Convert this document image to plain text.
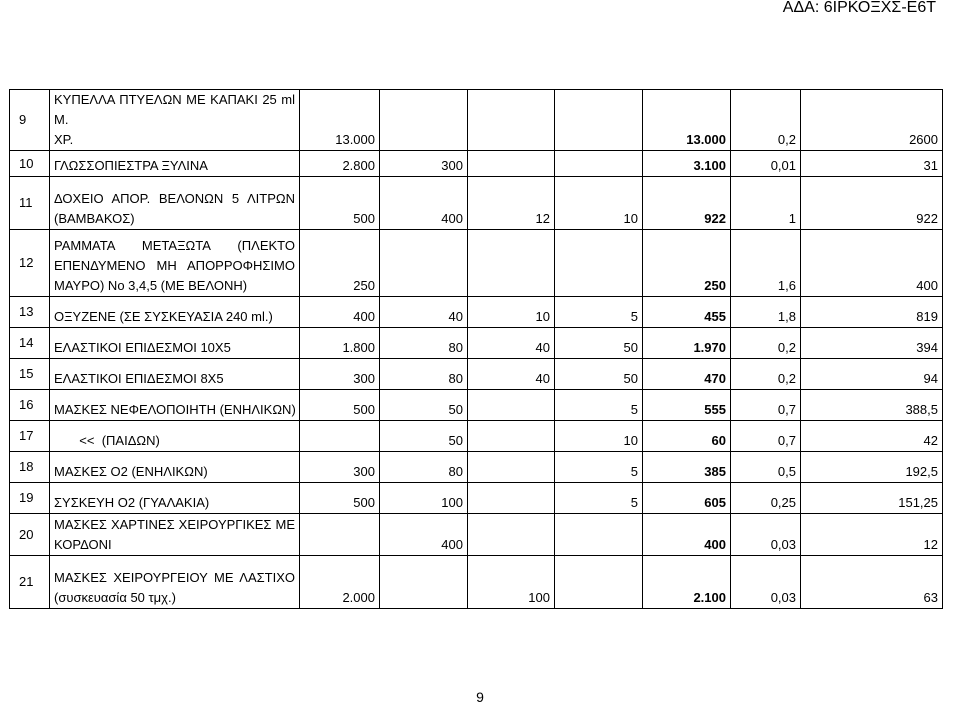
ΑΔΑ: 6ΙΡΚΟΞΧΣ-Ε6Τ
9	ΚΥΠΕΛΛΑ ΠΤΥΕΛΩΝ ΜΕ ΚΑΠΑΚΙ 25 ml Μ.
ΧΡ.	13.000				13.000	0,2	2600
10	ΓΛΩΣΣΟΠΙΕΣΤΡΑ ΞΥΛΙΝΑ	2.800	300			3.100	0,01	31
11	ΔΟΧΕΙΟ ΑΠΟΡ. ΒΕΛΟΝΩΝ 5 ΛΙΤΡΩΝ
(ΒΑΜΒΑΚΟΣ)	500	400	12	10	922	1	922
12	ΡΑΜΜΑΤΑ ΜΕΤΑΞΩΤΑ (ΠΛΕΚΤΟ
ΕΠΕΝΔΥΜΕΝΟ ΜΗ ΑΠΟΡΡΟΦΗΣΙΜΟ
ΜΑΥΡΟ) Νο 3,4,5 (ΜΕ ΒΕΛΟΝΗ)	250				250	1,6	400
13	ΟΞΥΖΕΝΕ (ΣΕ ΣΥΣΚΕΥΑΣΙΑ 240 ml.)	400	40	10	5	455	1,8	819
14	ΕΛΑΣΤΙΚΟΙ ΕΠΙΔΕΣΜΟΙ 10Χ5	1.800	80	40	50	1.970	0,2	394
15	ΕΛΑΣΤΙΚΟΙ ΕΠΙΔΕΣΜΟΙ 8Χ5	300	80	40	50	470	0,2	94
16	ΜΑΣΚΕΣ ΝΕΦΕΛΟΠΟΙΗΤΗ (ΕΝΗΛΙΚΩΝ)	500	50		5	555	0,7	388,5
17	<<  (ΠΑΙΔΩΝ)		50		10	60	0,7	42
18	ΜΑΣΚΕΣ Ο2 (ΕΝΗΛΙΚΩΝ)	300	80		5	385	0,5	192,5
19	ΣΥΣΚΕΥΗ Ο2 (ΓΥΑΛΑΚΙΑ)	500	100		5	605	0,25	151,25
20	ΜΑΣΚΕΣ ΧΑΡΤΙΝΕΣ ΧΕΙΡΟΥΡΓΙΚΕΣ ΜΕ
ΚΟΡΔΟΝΙ		400			400	0,03	12
21	ΜΑΣΚΕΣ ΧΕΙΡΟΥΡΓΕΙΟΥ ΜΕ ΛΑΣΤΙΧΟ
(συσκευασία 50 τμχ.)	2.000		100		2.100	0,03	63
9
